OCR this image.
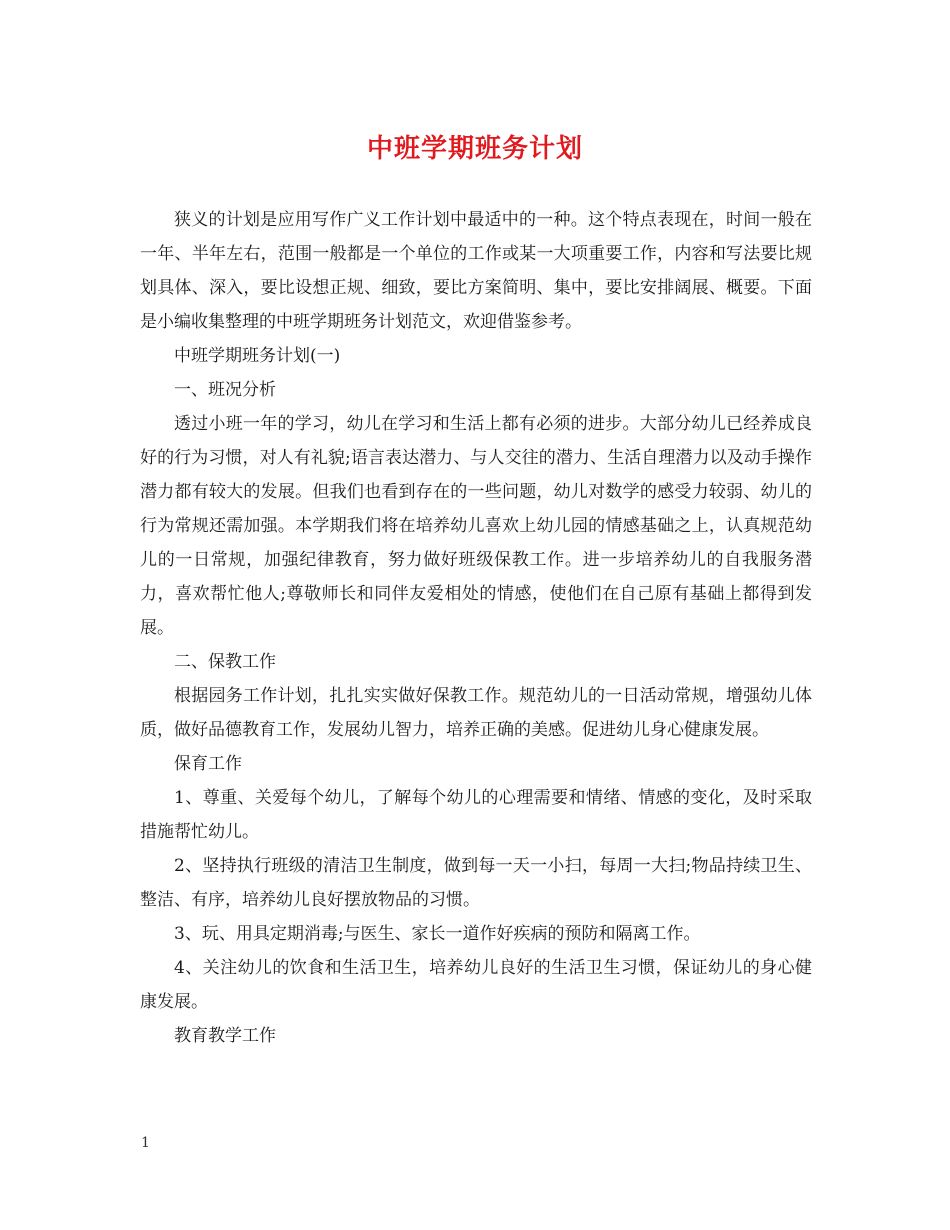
中班学期班务计划

狭义的计划是应用写作广义工作计划中最适中的一种。这个特点表现在，时间一般在一年、半年左右，范围一般都是一个单位的工作或某一大项重要工作，内容和写法要比规划具体、深入，要比设想正规、细致，要比方案简明、集中，要比安排阔展、概要。下面是小编收集整理的中班学期班务计划范文，欢迎借鉴参考。

中班学期班务计划(一)

一、班况分析

透过小班一年的学习，幼儿在学习和生活上都有必须的进步。大部分幼儿已经养成良好的行为习惯，对人有礼貌;语言表达潜力、与人交往的潜力、生活自理潜力以及动手操作潜力都有较大的发展。但我们也看到存在的一些问题，幼儿对数学的感受力较弱、幼儿的行为常规还需加强。本学期我们将在培养幼儿喜欢上幼儿园的情感基础之上，认真规范幼儿的一日常规，加强纪律教育，努力做好班级保教工作。进一步培养幼儿的自我服务潜力，喜欢帮忙他人;尊敬师长和同伴友爱相处的情感，使他们在自己原有基础上都得到发展。

二、保教工作

根据园务工作计划，扎扎实实做好保教工作。规范幼儿的一日活动常规，增强幼儿体质，做好品德教育工作，发展幼儿智力，培养正确的美感。促进幼儿身心健康发展。

保育工作

1、尊重、关爱每个幼儿，了解每个幼儿的心理需要和情绪、情感的变化，及时采取措施帮忙幼儿。

2、坚持执行班级的清洁卫生制度，做到每一天一小扫，每周一大扫;物品持续卫生、整洁、有序，培养幼儿良好摆放物品的习惯。

3、玩、用具定期消毒;与医生、家长一道作好疾病的预防和隔离工作。

4、关注幼儿的饮食和生活卫生，培养幼儿良好的生活卫生习惯，保证幼儿的身心健康发展。

教育教学工作

1
